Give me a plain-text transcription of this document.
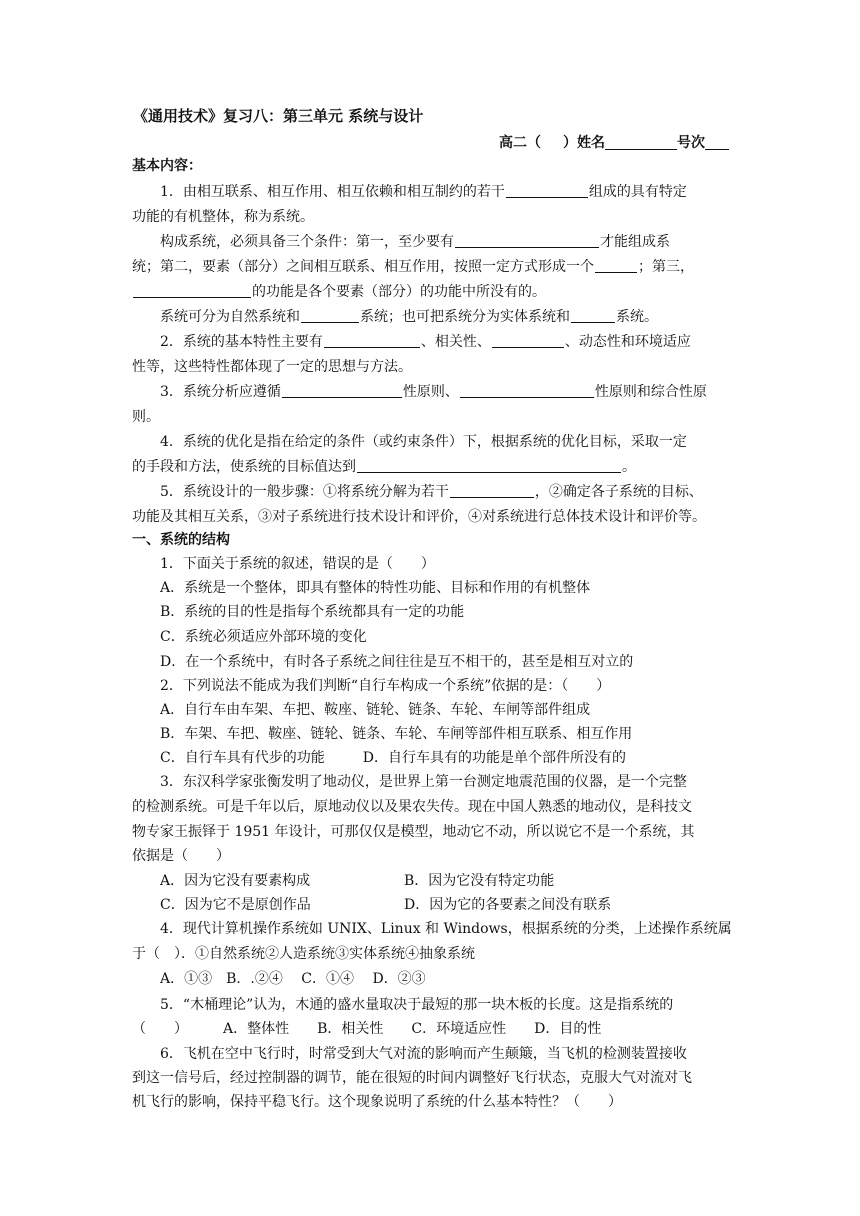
《通用技术》复习八：第三单元 系统与设计
高二（ ）姓名	号次
基本内容：
1．由相互联系、相互作用、相互依赖和相互制约的若干	组成的具有特定
功能的有机整体，称为系统。
构成系统，必须具备三个条件：第一，至少要有	才能组成系
统；第二，要素（部分）之间相互联系、相互作用，按照一定方式形成一个	；第三，
的功能是各个要素（部分）的功能中所没有的。
系统可分为自然系统和	系统；也可把系统分为实体系统和	系统。
2．系统的基本特性主要有	、相关性、	、动态性和环境适应
性等，这些特性都体现了一定的思想与方法。
3．系统分析应遵循	性原则、	性原则和综合性原
则。
4．系统的优化是指在给定的条件（或约束条件）下，根据系统的优化目标，采取一定
的手段和方法，使系统的目标值达到	。
5．系统设计的一般步骤：①将系统分解为若干	，②确定各子系统的目标、
功能及其相互关系，③对子系统进行技术设计和评价，④对系统进行总体技术设计和评价等。
一、系统的结构
1．下面关于系统的叙述，错误的是（　　）
A．系统是一个整体，即具有整体的特性功能、目标和作用的有机整体
B．系统的目的性是指每个系统都具有一定的功能
C．系统必须适应外部环境的变化
D．在一个系统中，有时各子系统之间往往是互不相干的，甚至是相互对立的
2．下列说法不能成为我们判断“自行车构成一个系统”依据的是：（　　）
A．自行车由车架、车把、鞍座、链轮、链条、车轮、车闸等部件组成
B．车架、车把、鞍座、链轮、链条、车轮、车闸等部件相互联系、相互作用
C．自行车具有代步的功能	D．自行车具有的功能是单个部件所没有的
3．东汉科学家张衡发明了地动仪，是世界上第一台测定地震范围的仪器，是一个完整
的检测系统。可是千年以后，原地动仪以及果农失传。现在中国人熟悉的地动仪，是科技文
物专家王振铎于 1951 年设计，可那仅仅是模型，地动它不动，所以说它不是一个系统，其
依据是（　　）
A．因为它没有要素构成	B．因为它没有特定功能
C．因为它不是原创作品	D．因为它的各要素之间没有联系
4．现代计算机操作系统如 UNIX、Linux 和 Windows，根据系统的分类，上述操作系统属
于（　）．①自然系统②人造系统③实体系统④抽象系统
A．①③　B．.②④　 C．①④　 D．②③
5．“木桶理论”认为，木通的盛水量取决于最短的那一块木板的长度。这是指系统的
（　　）　　　A．整体性　　B．相关性　　C．环境适应性　　D．目的性
6．飞机在空中飞行时，时常受到大气对流的影响而产生颠簸，当飞机的检测装置接收
到这一信号后，经过控制器的调节，能在很短的时间内调整好飞行状态，克服大气对流对飞
机飞行的影响，保持平稳飞行。这个现象说明了系统的什么基本特性？（　　）
